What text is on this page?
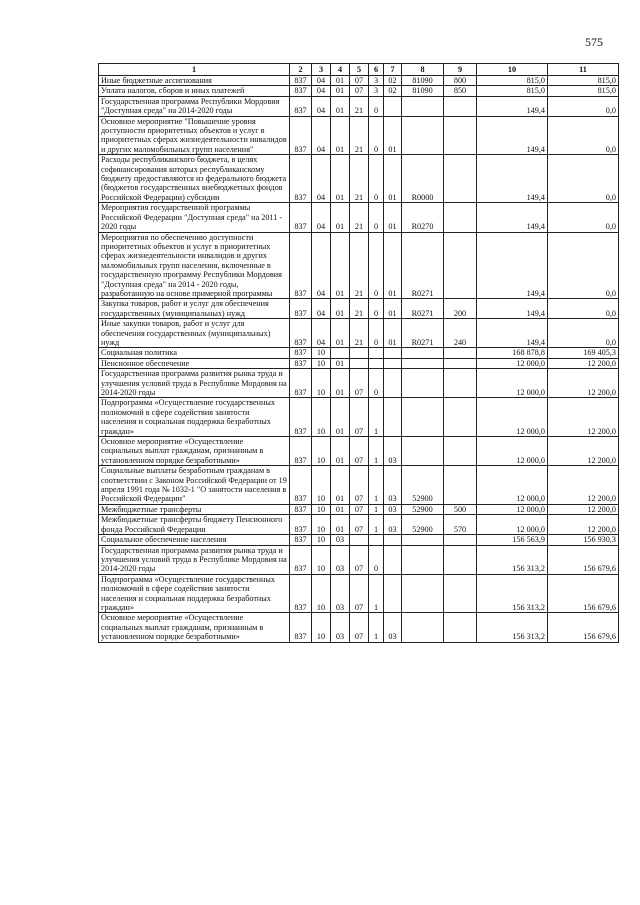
575
1	2	3	4	5	6	7	8	9	10	11
Иные бюджетные ассигнования	837	04	01	07	3	02	81090	800	815,0	815,0
Уплата налогов, сборов и иных платежей	837	04	01	07	3	02	81090	850	815,0	815,0
Государственная программа Республики Мордовия "Доступная среда" на 2014-2020 годы	837	04	01	21	0				149,4	0,0
Основное мероприятие "Повышение уровня доступности приоритетных объектов и услуг в приоритетных сферах жизнедеятельности инвалидов и других маломобильных групп населения"	837	04	01	21	0	01			149,4	0,0
Расходы республиканского бюджета, в целях софинансирования которых республиканскому бюджету предоставляются из федерального бюджета (бюджетов государственных внебюджетных фондов Российской Федерации) субсидии	837	04	01	21	0	01	R0000		149,4	0,0
Мероприятия государственной программы Российской Федерации "Доступная среда" на 2011 - 2020 годы	837	04	01	21	0	01	R0270		149,4	0,0
Мероприятия по обеспечению доступности приоритетных объектов и услуг в приоритетных сферах жизнедеятельности инвалидов и других маломобильных групп населения, включенные в государственную программу Республики Мордовия "Доступная среда" на 2014 - 2020 годы, разработанную на основе примерной программы	837	04	01	21	0	01	R0271		149,4	0,0
Закупка товаров, работ и услуг для обеспечения государственных (муниципальных) нужд	837	04	01	21	0	01	R0271	200	149,4	0,0
Иные закупки товаров, работ и услуг для обеспечения государственных (муниципальных) нужд	837	04	01	21	0	01	R0271	240	149,4	0,0
Социальная политика	837	10							168 878,8	169 405,3
Пенсионное обеспечение	837	10	01						12 000,0	12 200,0
Государственная программа развития рынка труда и улучшения условий труда в Республике Мордовия на 2014-2020 годы	837	10	01	07	0				12 000,0	12 200,0
Подпрограмма «Осуществление государственных полномочий в сфере содействия занятости населения и социальная поддержка безработных граждан»	837	10	01	07	1				12 000,0	12 200,0
Основное мероприятие «Осуществление социальных выплат гражданам, признанным в установленном порядке безработными»	837	10	01	07	1	03			12 000,0	12 200,0
Социальные выплаты безработным гражданам в соответствии с Законом Российской Федерации от 19 апреля 1991 года № 1032-1 "О занятости населения в Российской Федерации"	837	10	01	07	1	03	52900		12 000,0	12 200,0
Межбюджетные трансферты	837	10	01	07	1	03	52900	500	12 000,0	12 200,0
Межбюджетные трансферты бюджету Пенсионного фонда Российской Федерации	837	10	01	07	1	03	52900	570	12 000,0	12 200,0
Социальное обеспечение населения	837	10	03						156 563,9	156 930,3
Государственная программа развития рынка труда и улучшения условий труда в Республике Мордовия на 2014-2020 годы	837	10	03	07	0				156 313,2	156 679,6
Подпрограмма «Осуществление государственных полномочий в сфере содействия занятости населения и социальная поддержка безработных граждан»	837	10	03	07	1				156 313,2	156 679,6
Основное мероприятие «Осуществление социальных выплат гражданам, признанным в установленном порядке безработными»	837	10	03	07	1	03			156 313,2	156 679,6
